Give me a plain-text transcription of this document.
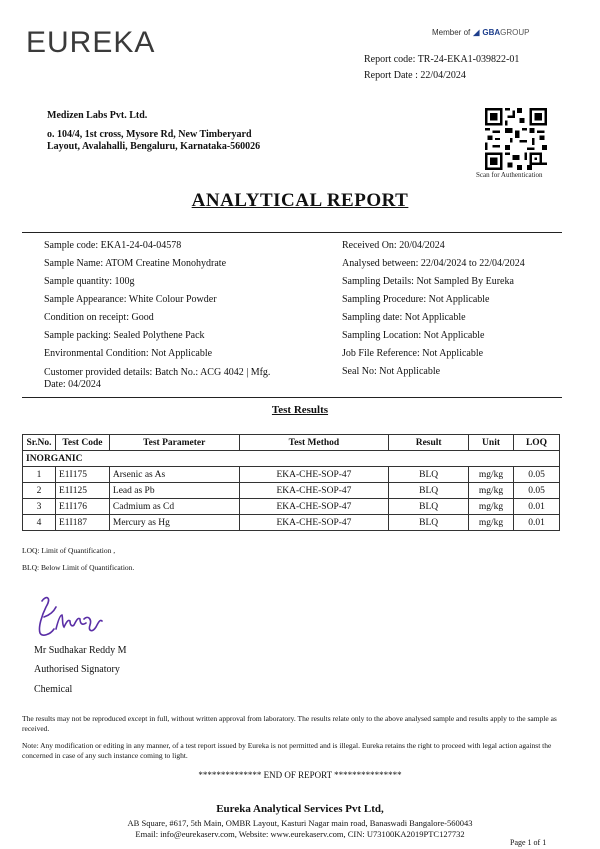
EUREKA	Member of ◢ GBAGROUP
Report code: TR-24-EKA1-039822-01
Report Date : 22/04/2024
Medizen Labs Pvt. Ltd.
o. 104/4, 1st cross, Mysore Rd, New Timberyard Layout, Avalahalli, Bengaluru, Karnataka-560026
Scan for Authentication
ANALYTICAL REPORT
Sample code: EKA1-24-04-04578
Sample Name: ATOM Creatine Monohydrate
Sample quantity: 100g
Sample Appearance: White Colour Powder
Condition on receipt: Good
Sample packing: Sealed Polythene Pack
Environmental Condition: Not Applicable
Customer provided details: Batch No.: ACG 4042 | Mfg. Date: 04/2024
Received On: 20/04/2024
Analysed between: 22/04/2024 to 22/04/2024
Sampling Details: Not Sampled By Eureka
Sampling Procedure: Not Applicable
Sampling date: Not Applicable
Sampling Location: Not Applicable
Job File Reference: Not Applicable
Seal No: Not Applicable
Test Results
Sr.No.	Test Code	Test Parameter	Test Method	Result	Unit	LOQ
INORGANIC						
1	E1I175	Arsenic as As	EKA-CHE-SOP-47	BLQ	mg/kg	0.05
2	E1I125	Lead as Pb	EKA-CHE-SOP-47	BLQ	mg/kg	0.05
3	E1I176	Cadmium as Cd	EKA-CHE-SOP-47	BLQ	mg/kg	0.01
4	E1I187	Mercury as Hg	EKA-CHE-SOP-47	BLQ	mg/kg	0.01
LOQ: Limit of Quantification ,
BLQ: Below Limit of Quantification.
Mr Sudhakar Reddy M
Authorised Signatory
Chemical
The results may not be reproduced except in full, without written approval from laboratory. The results relate only to the above analysed sample and results apply to the sample as received.
Note: Any modification or editing in any manner, of a test report issued by Eureka is not permitted and is illegal. Eureka retains the right to proceed with legal action against the concerned in case of any such instance coming to light.
************** END OF REPORT ***************
Eureka Analytical Services Pvt Ltd,
AB Square, #617, 5th Main, OMBR Layout, Kasturi Nagar main road, Banaswadi Bangalore-560043
Email: info@eurekaserv.com, Website: www.eurekaserv.com, CIN: U73100KA2019PTC127732
Page 1 of 1
